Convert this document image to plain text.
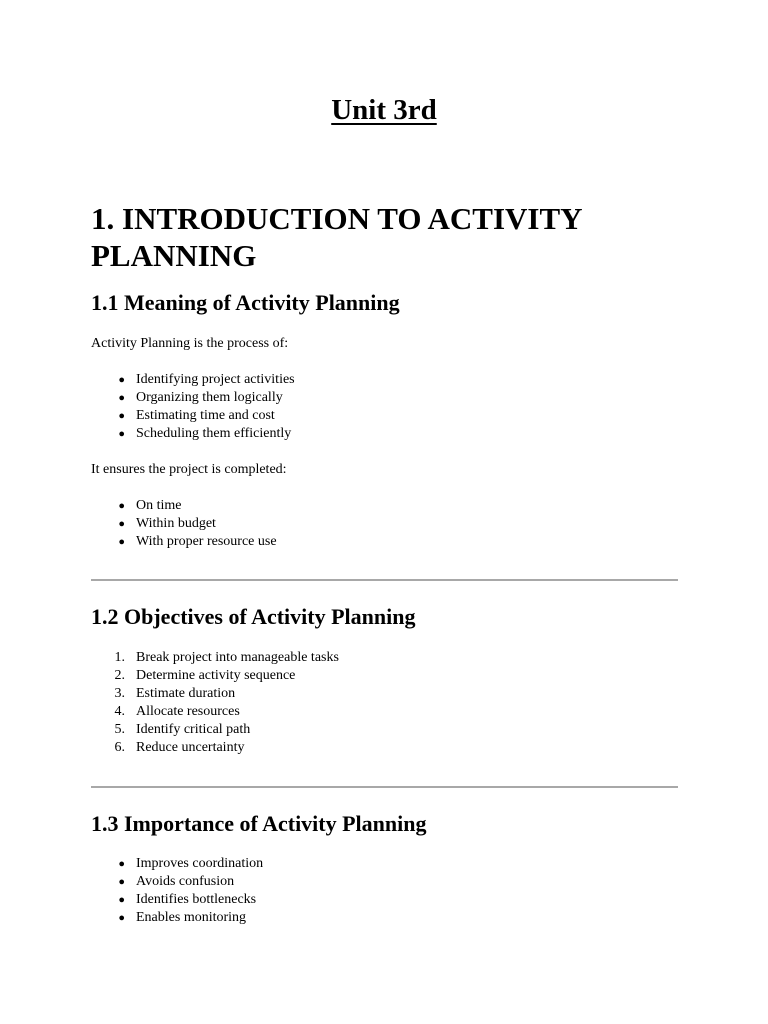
Unit 3rd
1. INTRODUCTION TO ACTIVITY PLANNING
1.1 Meaning of Activity Planning

Activity Planning is the process of:

● Identifying project activities
● Organizing them logically
● Estimating time and cost
● Scheduling them efficiently

It ensures the project is completed:

● On time
● Within budget
● With proper resource use
1.2 Objectives of Activity Planning
1. Break project into manageable tasks
2. Determine activity sequence
3. Estimate duration
4. Allocate resources
5. Identify critical path
6. Reduce uncertainty
1.3 Importance of Activity Planning
● Improves coordination
● Avoids confusion
● Identifies bottlenecks
● Enables monitoring
